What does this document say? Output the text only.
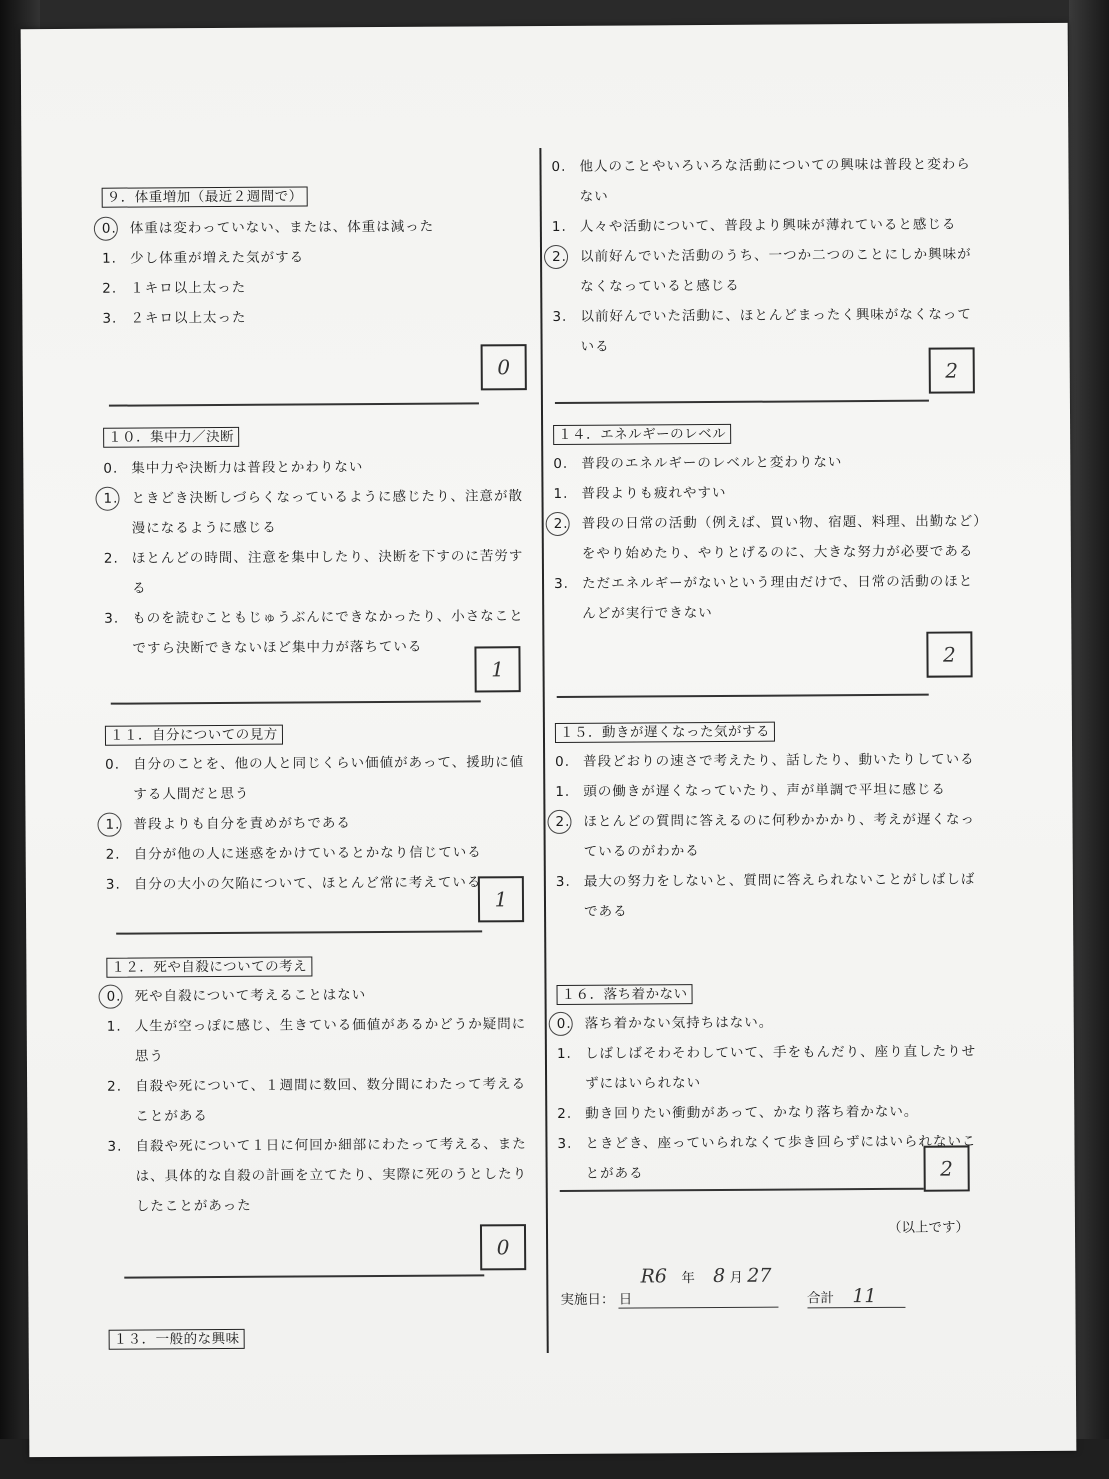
９．体重増加（最近２週間で）
0. 体重は変わっていない、または、体重は減った
1. 少し体重が増えた気がする
2. １キロ以上太った
3. ２キロ以上太った
0
１０．集中力／決断
0. 集中力や決断力は普段とかわりない
1. ときどき決断しづらくなっているように感じたり、注意が散漫になるように感じる
2. ほとんどの時間、注意を集中したり、決断を下すのに苦労する
3. ものを読むこともじゅうぶんにできなかったり、小さなことですら決断できないほど集中力が落ちている
1
１１．自分についての見方
0. 自分のことを、他の人と同じくらい価値があって、援助に値する人間だと思う
1. 普段よりも自分を責めがちである
2. 自分が他の人に迷惑をかけているとかなり信じている
3. 自分の大小の欠陥について、ほとんど常に考えている
1
１２．死や自殺についての考え
0. 死や自殺について考えることはない
1. 人生が空っぽに感じ、生きている価値があるかどうか疑問に思う
2. 自殺や死について、１週間に数回、数分間にわたって考えることがある
3. 自殺や死について１日に何回か細部にわたって考える、または、具体的な自殺の計画を立てたり、実際に死のうとしたりしたことがあった
0
１３．一般的な興味
0. 他人のことやいろいろな活動についての興味は普段と変わらない
1. 人々や活動について、普段より興味が薄れていると感じる
2. 以前好んでいた活動のうち、一つか二つのことにしか興味がなくなっていると感じる
3. 以前好んでいた活動に、ほとんどまったく興味がなくなっている
2
１４．エネルギーのレベル
0. 普段のエネルギーのレベルと変わりない
1. 普段よりも疲れやすい
2. 普段の日常の活動（例えば、買い物、宿題、料理、出勤など）をやり始めたり、やりとげるのに、大きな努力が必要である
3. ただエネルギーがないという理由だけで、日常の活動のほとんどが実行できない
2
１５．動きが遅くなった気がする
0. 普段どおりの速さで考えたり、話したり、動いたりしている
1. 頭の働きが遅くなっていたり、声が単調で平坦に感じる
2. ほとんどの質問に答えるのに何秒かかかり、考えが遅くなっているのがわかる
3. 最大の努力をしないと、質問に答えられないことがしばしばである
１６．落ち着かない
0. 落ち着かない気持ちはない。
1. しばしばそわそわしていて、手をもんだり、座り直したりせずにはいられない
2. 動き回りたい衝動があって、かなり落ち着かない。
3. ときどき、座っていられなくて歩き回らずにはいられないことがある	2
（以上です）
実施日： R6 年 8 月 27 日	合計 11
